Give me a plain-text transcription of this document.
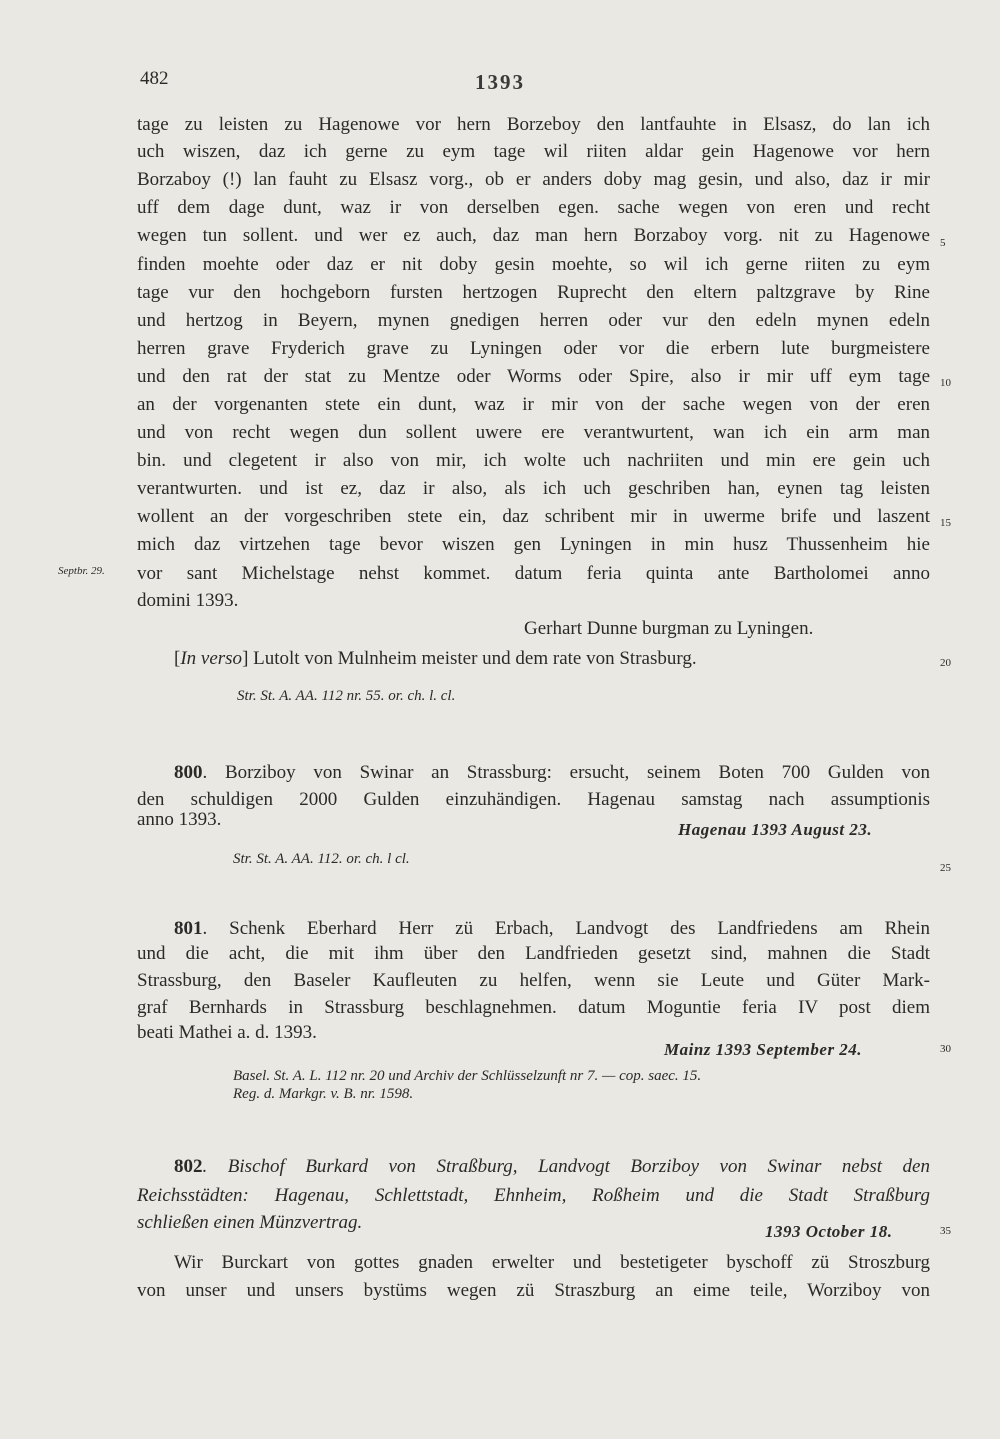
482	1393
tage zu leisten zu Hagenowe vor hern Borzeboy den lantfauhte in Elsasz, do lan ich
uch wiszen, daz ich gerne zu eym tage wil riiten aldar gein Hagenowe vor hern
Borzaboy (!) lan fauht zu Elsasz vorg., ob er anders doby mag gesin, und also, daz ir mir
uff dem dage dunt, waz ir von derselben egen. sache wegen von eren und recht
wegen tun sollent. und wer ez auch, daz man hern Borzaboy vorg. nit zu Hagenowe
finden moehte oder daz er nit doby gesin moehte, so wil ich gerne riiten zu eym
tage vur den hochgeborn fursten hertzogen Ruprecht den eltern paltzgrave by Rine
und hertzog in Beyern, mynen gnedigen herren oder vur den edeln mynen edeln
herren grave Fryderich grave zu Lyningen oder vor die erbern lute burgmeistere
und den rat der stat zu Mentze oder Worms oder Spire, also ir mir uff eym tage
an der vorgenanten stete ein dunt, waz ir mir von der sache wegen von der eren
und von recht wegen dun sollent uwere ere verantwurtent, wan ich ein arm man
bin. und clegetent ir also von mir, ich wolte uch nachriiten und min ere gein uch
verantwurten. und ist ez, daz ir also, als ich uch geschriben han, eynen tag leisten
wollent an der vorgeschriben stete ein, daz schribent mir in uwerme brife und laszent
mich daz virtzehen tage bevor wiszen gen Lyningen in min husz Thussenheim hie
vor sant Michelstage nehst kommet. datum feria quinta ante Bartholomei anno
domini 1393.
Gerhart Dunne burgman zu Lyningen.
[In verso] Lutolt von Mulnheim meister und dem rate von Strasburg.
Septbr. 29.
5
10
15
20
25
30
35
Str. St. A. AA. 112 nr. 55. or. ch. l. cl.
800. Borziboy von Swinar an Strassburg: ersucht, seinem Boten 700 Gulden von
den schuldigen 2000 Gulden einzuhändigen. Hagenau samstag nach assumptionis
anno 1393.	Hagenau 1393 August 23.
Str. St. A. AA. 112. or. ch. l cl.
801. Schenk Eberhard Herr zü Erbach, Landvogt des Landfriedens am Rhein
und die acht, die mit ihm über den Landfrieden gesetzt sind, mahnen die Stadt
Strassburg, den Baseler Kaufleuten zu helfen, wenn sie Leute und Güter Mark-
graf Bernhards in Strassburg beschlagnehmen. datum Moguntie feria IV post diem
beati Mathei a. d. 1393.
Mainz 1393 September 24.
Basel. St. A. L. 112 nr. 20 und Archiv der Schlüsselzunft nr 7. — cop. saec. 15.
Reg. d. Markgr. v. B. nr. 1598.
802. Bischof Burkard von Straßburg, Landvogt Borziboy von Swinar nebst den
Reichsstädten: Hagenau, Schlettstadt, Ehnheim, Roßheim und die Stadt Straßburg
schließen einen Münzvertrag.
Wir Burckart von gottes gnaden erwelter und bestetigeter byschoff zü Stroszburg
von unser und unsers bystüms wegen zü Straszburg an eime teile, Worziboy von
1393 October 18.
